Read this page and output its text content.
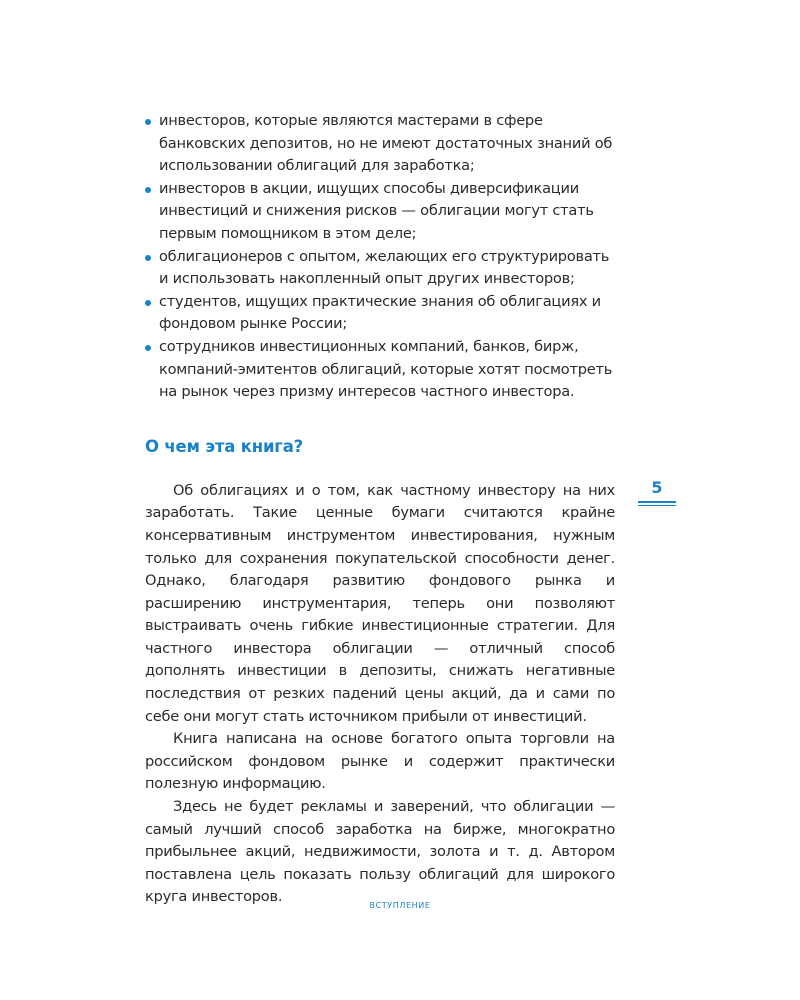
инвесторов, которые являются мастерами в сфере банковских депозитов, но не имеют достаточных знаний об использовании облигаций для заработка;
инвесторов в акции, ищущих способы диверсификации инвестиций и снижения рисков — облигации могут стать первым помощником в этом деле;
облигационеров с опытом, желающих его структурировать и использовать накопленный опыт других инвесторов;
студентов, ищущих практические знания об облигациях и фондовом рынке России;
сотрудников инвестиционных компаний, банков, бирж, компаний-эмитентов облигаций, которые хотят посмотреть на рынок через призму интересов частного инвестора.
О чем эта книга?

Об облигациях и о том, как частному инвестору на них заработать. Такие ценные бумаги считаются крайне консервативным инструментом инвестирования, нужным только для сохранения покупательской способности денег. Однако, благодаря развитию фондового рынка и расширению инструментария, теперь они позволяют выстраивать очень гибкие инвестиционные стратегии. Для частного инвестора облигации — отличный способ дополнять инвестиции в депозиты, снижать негативные последствия от резких падений цены акций, да и сами по себе они могут стать источником прибыли от инвестиций.

Книга написана на основе богатого опыта торговли на российском фондовом рынке и содержит практически полезную информацию.

Здесь не будет рекламы и заверений, что облигации — самый лучший способ заработка на бирже, многократно прибыльнее акций, недвижимости, золота и т. д. Автором поставлена цель показать пользу облигаций для широкого круга инвесторов.

5
ВСТУПЛЕНИЕ
